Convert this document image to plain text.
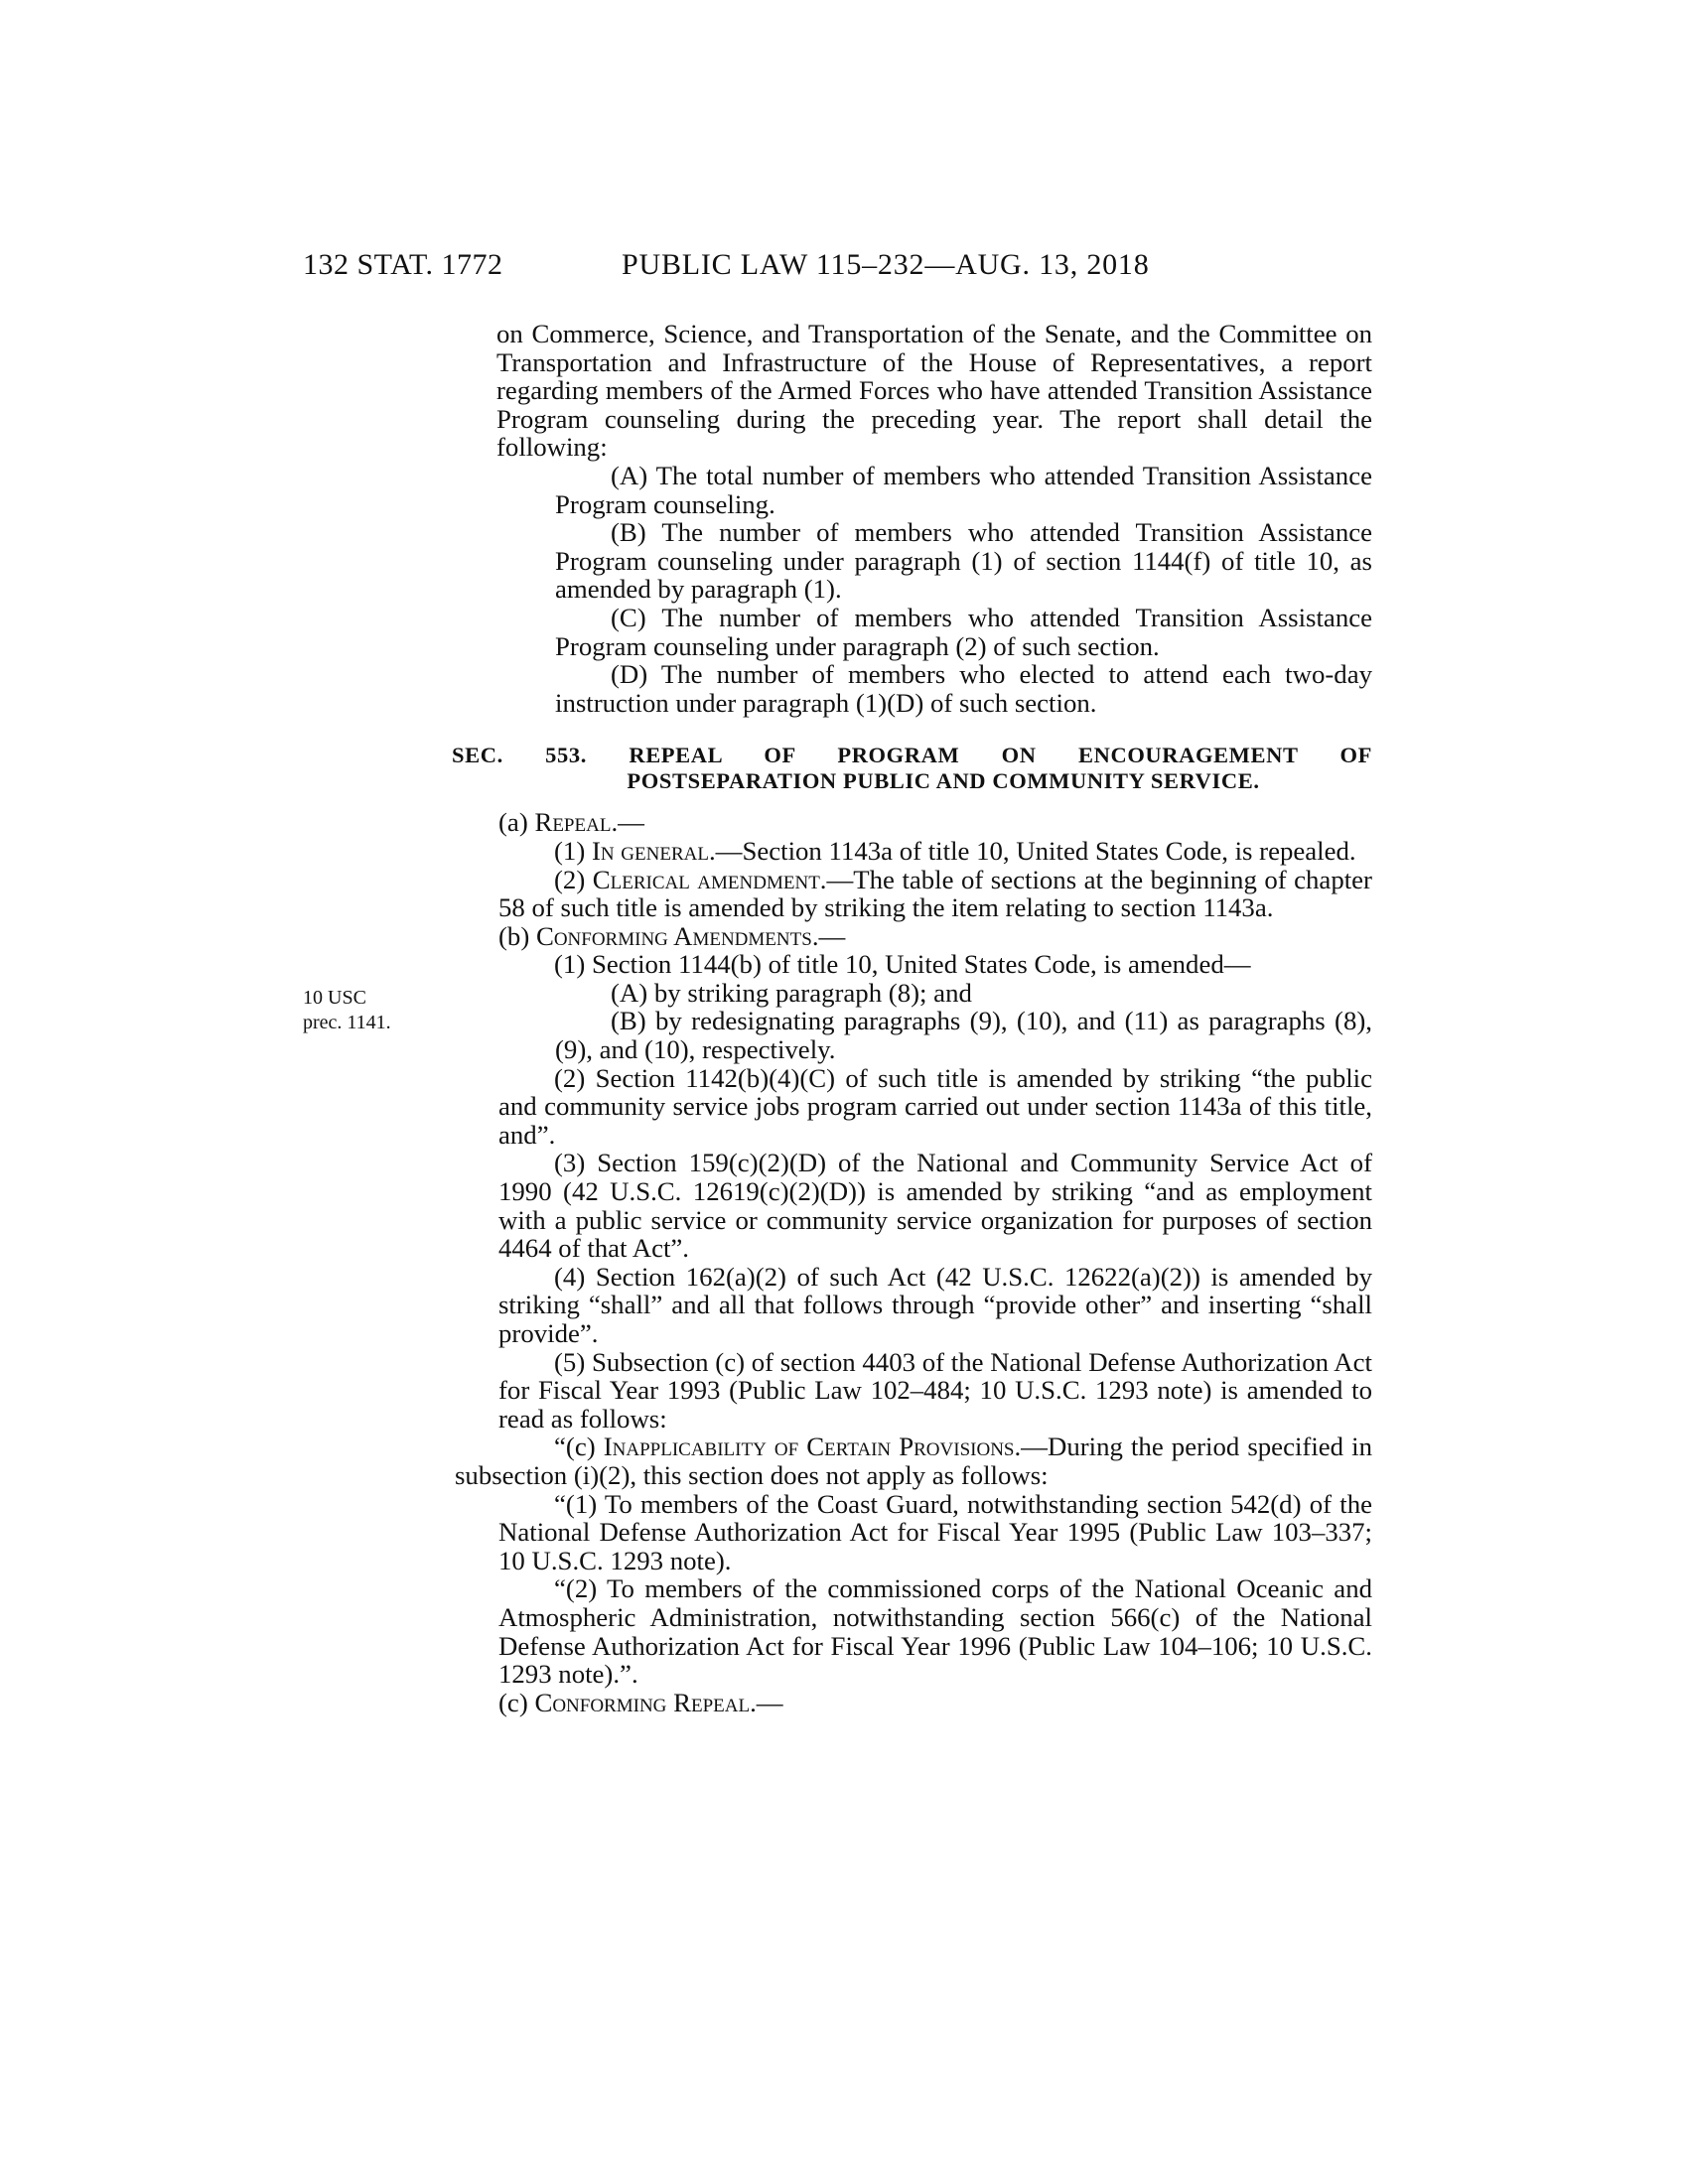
132 STAT. 1772	PUBLIC LAW 115–232—AUG. 13, 2018
10 USC
prec. 1141.

on Commerce, Science, and Transportation of the Senate, and the Committee on Transportation and Infrastructure of the House of Representatives, a report regarding members of the Armed Forces who have attended Transition Assistance Program counseling during the preceding year. The report shall detail the following:

(A) The total number of members who attended Transition Assistance Program counseling.

(B) The number of members who attended Transition Assistance Program counseling under paragraph (1) of section 1144(f) of title 10, as amended by paragraph (1).

(C) The number of members who attended Transition Assistance Program counseling under paragraph (2) of such section.

(D) The number of members who elected to attend each two-day instruction under paragraph (1)(D) of such section.

SEC. 553. REPEAL OF PROGRAM ON ENCOURAGEMENT OF
POSTSEPARATION PUBLIC AND COMMUNITY SERVICE.

(a) Repeal.—

(1) In general.—Section 1143a of title 10, United States Code, is repealed.

(2) Clerical amendment.—The table of sections at the beginning of chapter 58 of such title is amended by striking the item relating to section 1143a.

(b) Conforming Amendments.—

(1) Section 1144(b) of title 10, United States Code, is amended—

(A) by striking paragraph (8); and

(B) by redesignating paragraphs (9), (10), and (11) as paragraphs (8), (9), and (10), respectively.

(2) Section 1142(b)(4)(C) of such title is amended by striking “the public and community service jobs program carried out under section 1143a of this title, and”.

(3) Section 159(c)(2)(D) of the National and Community Service Act of 1990 (42 U.S.C. 12619(c)(2)(D)) is amended by striking “and as employment with a public service or community service organization for purposes of section 4464 of that Act”.

(4) Section 162(a)(2) of such Act (42 U.S.C. 12622(a)(2)) is amended by striking “shall” and all that follows through “provide other” and inserting “shall provide”.

(5) Subsection (c) of section 4403 of the National Defense Authorization Act for Fiscal Year 1993 (Public Law 102–484; 10 U.S.C. 1293 note) is amended to read as follows:

“(c) Inapplicability of Certain Provisions.—During the period specified in subsection (i)(2), this section does not apply as follows:

“(1) To members of the Coast Guard, notwithstanding section 542(d) of the National Defense Authorization Act for Fiscal Year 1995 (Public Law 103–337; 10 U.S.C. 1293 note).

“(2) To members of the commissioned corps of the National Oceanic and Atmospheric Administration, notwithstanding section 566(c) of the National Defense Authorization Act for Fiscal Year 1996 (Public Law 104–106; 10 U.S.C. 1293 note).”.

(c) Conforming Repeal.—
